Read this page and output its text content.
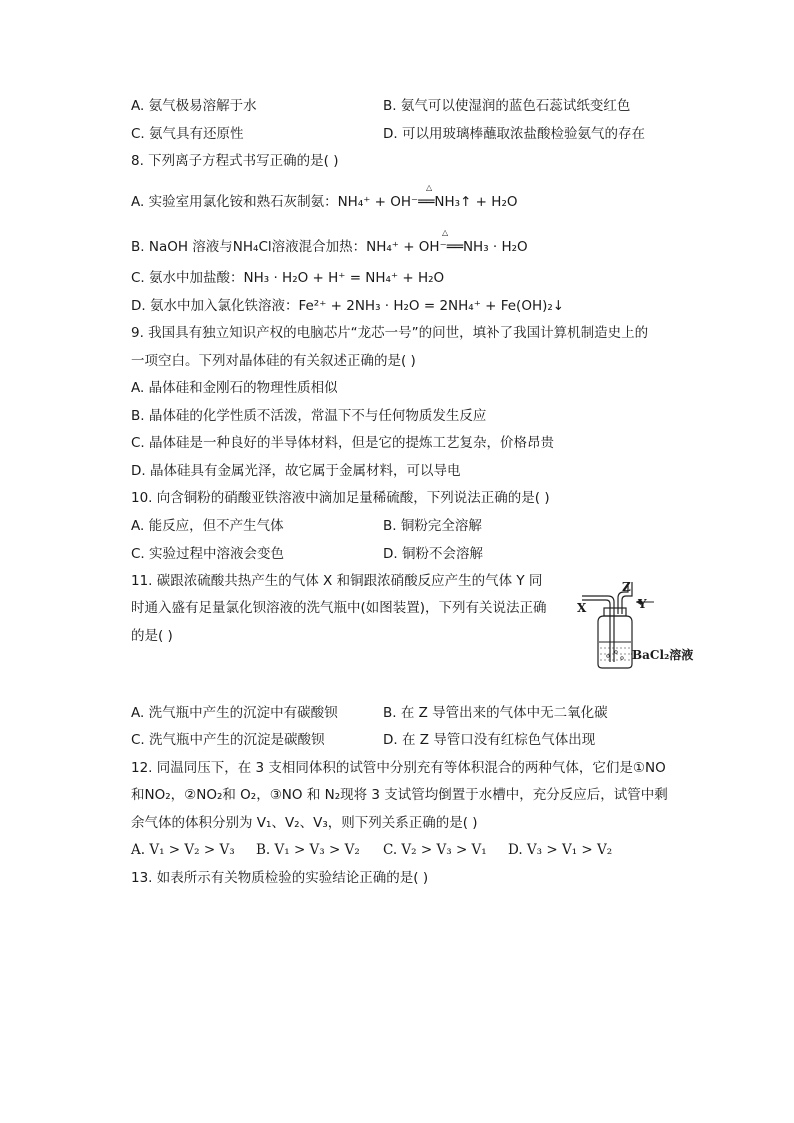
A. 氨气极易溶解于水	B. 氨气可以使湿润的蓝色石蕊试纸变红色
C. 氨气具有还原性	D. 可以用玻璃棒蘸取浓盐酸检验氨气的存在
8. 下列离子方程式书写正确的是( )
A. 实验室用氯化铵和熟石灰制氨：NH₄⁺ + OH⁻══NH₃↑ + H₂O
△
B. NaOH 溶液与NH₄Cl溶液混合加热：NH₄⁺ + OH⁻══NH₃ · H₂O
△
C. 氨水中加盐酸：NH₃ · H₂O + H⁺ = NH₄⁺ + H₂O
D. 氨水中加入氯化铁溶液：Fe²⁺ + 2NH₃ · H₂O = 2NH₄⁺ + Fe(OH)₂↓
9. 我国具有独立知识产权的电脑芯片“龙芯一号”的问世，填补了我国计算机制造史上的
一项空白。下列对晶体硅的有关叙述正确的是( )
A. 晶体硅和金刚石的物理性质相似
B. 晶体硅的化学性质不活泼，常温下不与任何物质发生反应
C. 晶体硅是一种良好的半导体材料，但是它的提炼工艺复杂，价格昂贵
D. 晶体硅具有金属光泽，故它属于金属材料，可以导电
10. 向含铜粉的硝酸亚铁溶液中滴加足量稀硫酸，下列说法正确的是( )
A. 能反应，但不产生气体	B. 铜粉完全溶解
C. 实验过程中溶液会变色	D. 铜粉不会溶解
11. 碳跟浓硫酸共热产生的气体 X 和铜跟浓硝酸反应产生的气体 Y 同
时通入盛有足量氯化钡溶液的洗气瓶中(如图装置)，下列有关说法正确
的是( )
X	Y
Z
BaCl₂溶液
A. 洗气瓶中产生的沉淀中有碳酸钡	B. 在 Z 导管出来的气体中无二氧化碳
C. 洗气瓶中产生的沉淀是碳酸钡	D. 在 Z 导管口没有红棕色气体出现
12. 同温同压下，在 3 支相同体积的试管中分别充有等体积混合的两种气体，它们是①NO
和NO₂，②NO₂和 O₂，③NO 和 N₂现将 3 支试管均倒置于水槽中，充分反应后，试管中剩
余气体的体积分别为 V₁、V₂、V₃，则下列关系正确的是( )
A. V₁ > V₂ > V₃ B. V₁ > V₃ > V₂ C. V₂ > V₃ > V₁ D. V₃ > V₁ > V₂
13. 如表所示有关物质检验的实验结论正确的是( )
